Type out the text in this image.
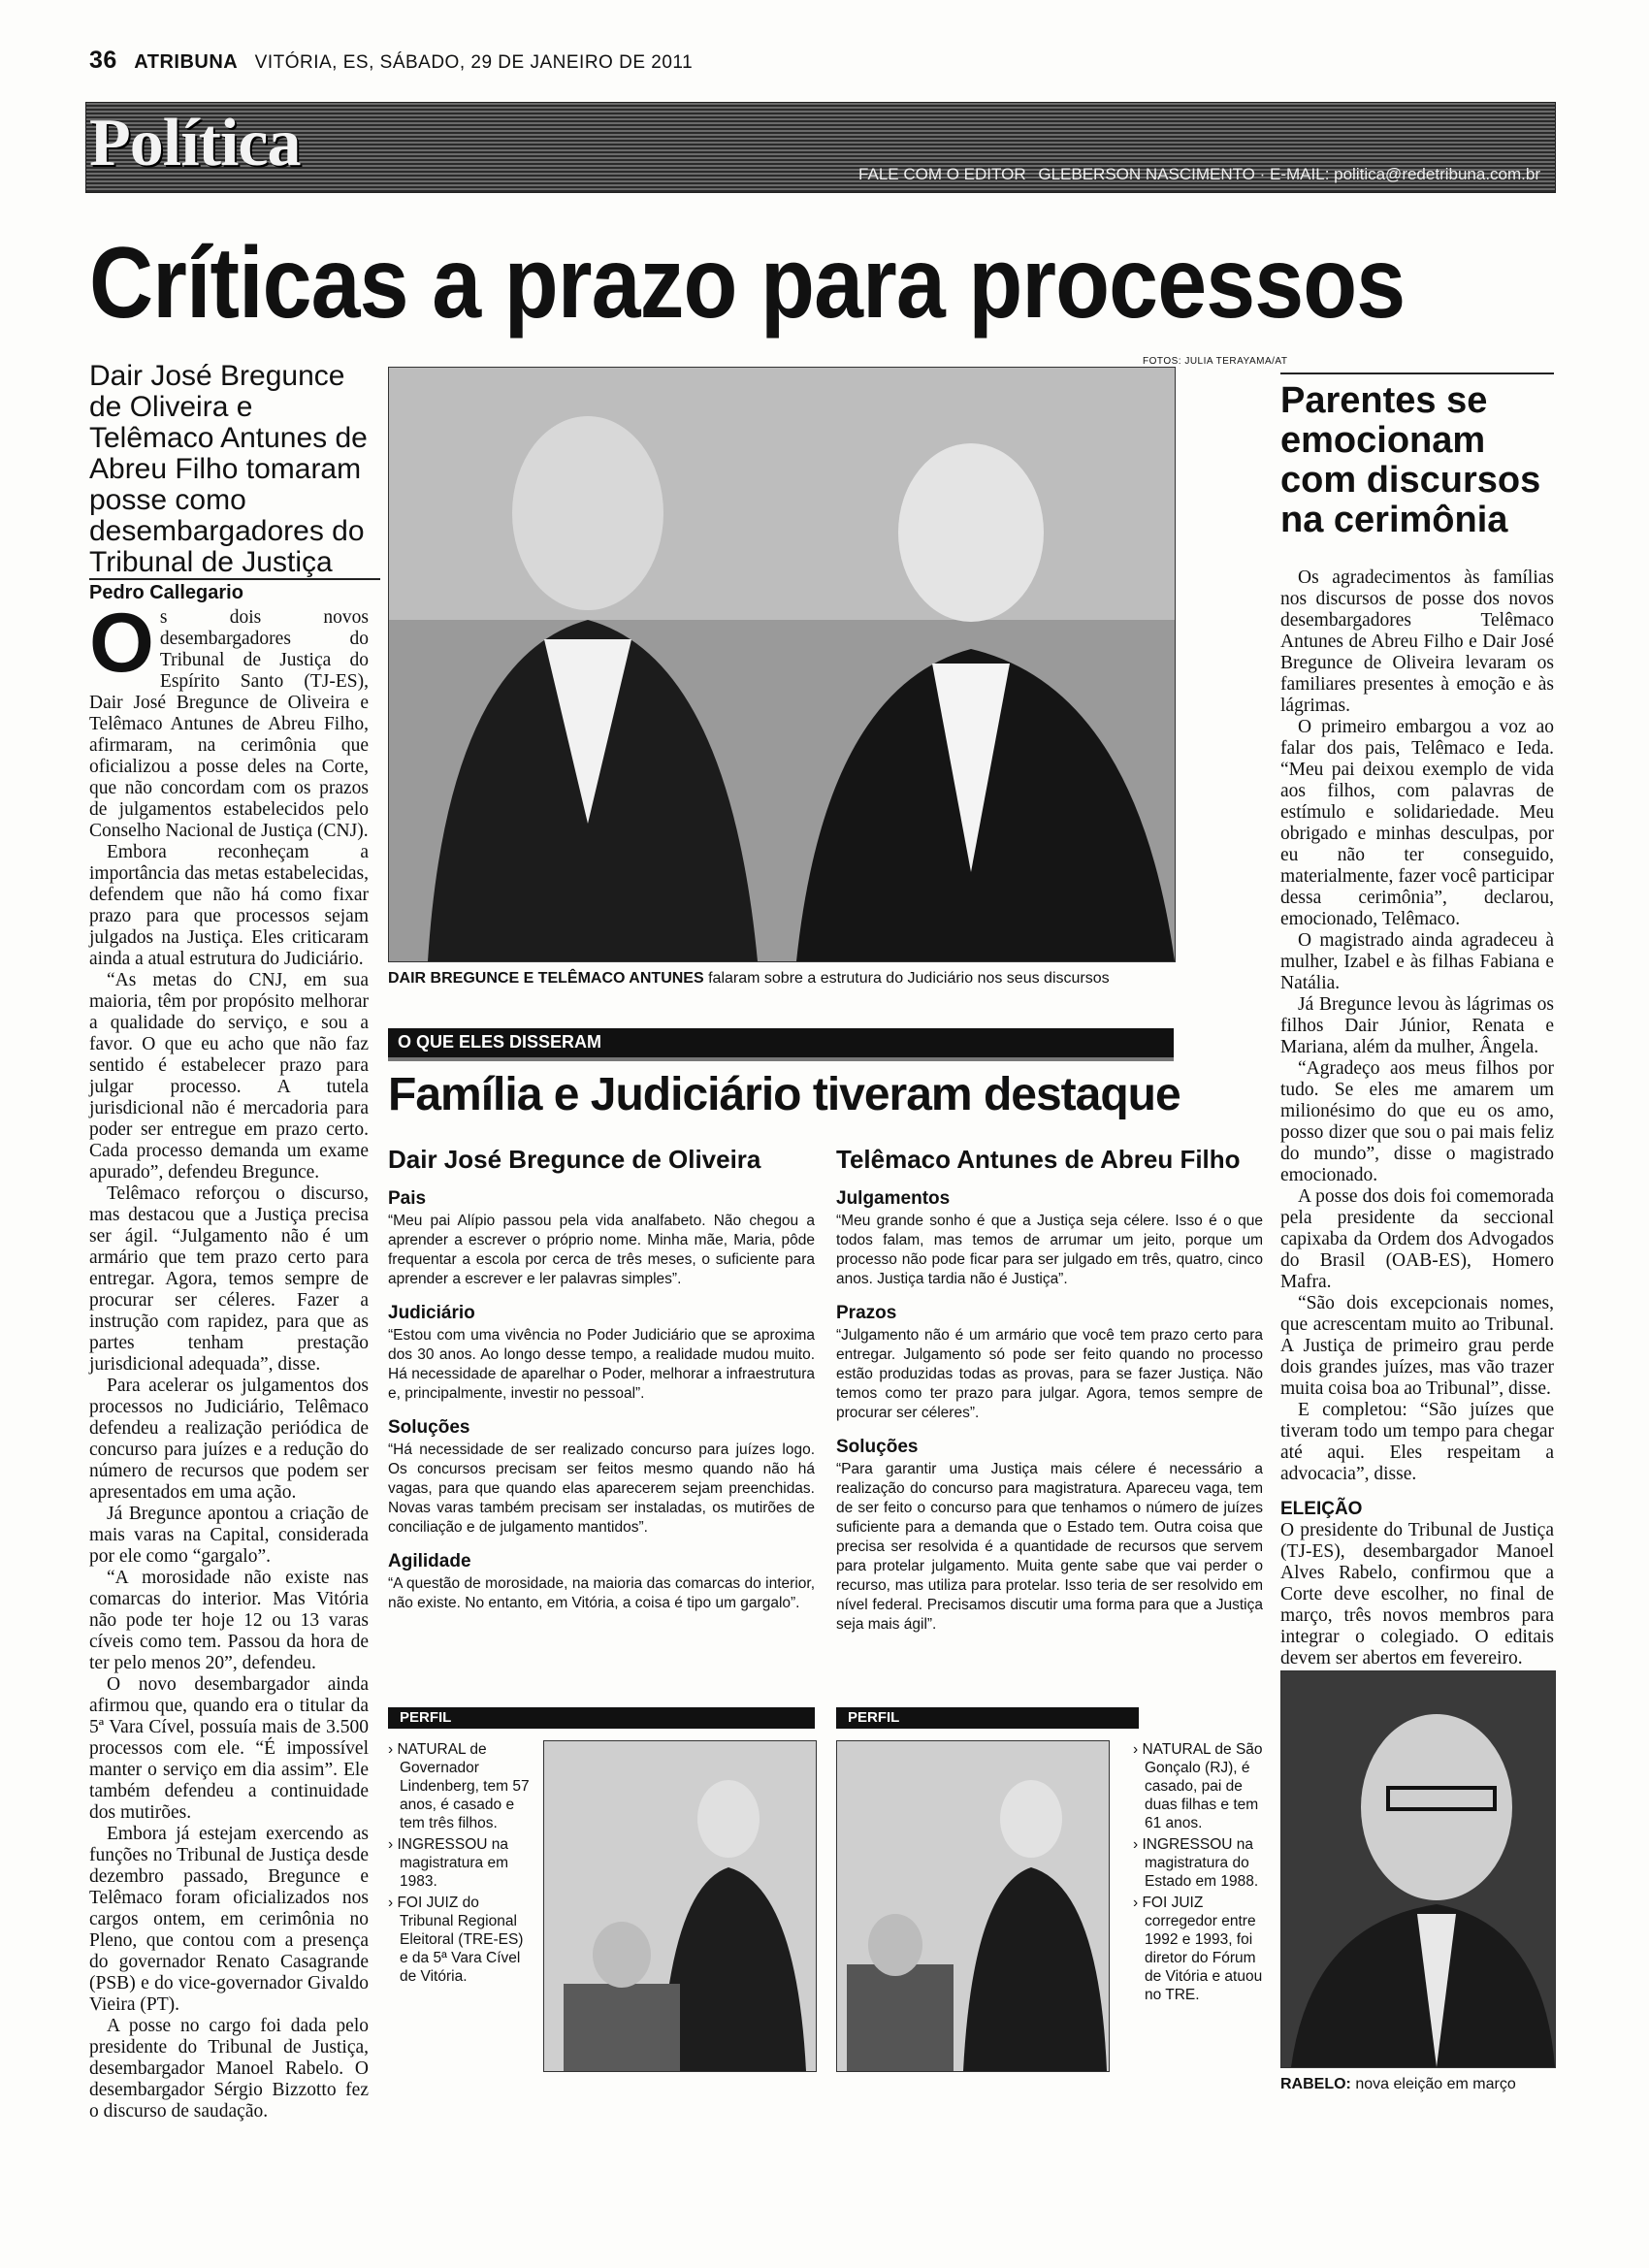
36 ATRIBUNA VITÓRIA, ES, SÁBADO, 29 DE JANEIRO DE 2011
Política	FALE COM O EDITOR GLEBERSON NASCIMENTO · E-MAIL: politica@redetribuna.com.br
Críticas a prazo para processos
FOTOS: JULIA TERAYAMA/AT
Dair José Bregunce de Oliveira e Telêmaco Antunes de Abreu Filho tomaram posse como desembargadores do Tribunal de Justiça
Pedro Callegario
O s dois novos desembargadores do Tribunal de Justiça do Espírito Santo (TJ-ES), Dair José Bregunce de Oliveira e Telêmaco Antunes de Abreu Filho, afirmaram, na cerimônia que oficializou a posse deles na Corte, que não concordam com os prazos de julgamentos estabelecidos pelo Conselho Nacional de Justiça (CNJ).

Embora reconheçam a importância das metas estabelecidas, defendem que não há como fixar prazo para que processos sejam julgados na Justiça. Eles criticaram ainda a atual estrutura do Judiciário.

“As metas do CNJ, em sua maioria, têm por propósito melhorar a qualidade do serviço, e sou a favor. O que eu acho que não faz sentido é estabelecer prazo para julgar processo. A tutela jurisdicional não é mercadoria para poder ser entregue em prazo certo. Cada processo demanda um exame apurado”, defendeu Bregunce.

Telêmaco reforçou o discurso, mas destacou que a Justiça precisa ser ágil. “Julgamento não é um armário que tem prazo certo para entregar. Agora, temos sempre de procurar ser céleres. Fazer a instrução com rapidez, para que as partes tenham prestação jurisdicional adequada”, disse.

Para acelerar os julgamentos dos processos no Judiciário, Telêmaco defendeu a realização periódica de concurso para juízes e a redução do número de recursos que podem ser apresentados em uma ação.

Já Bregunce apontou a criação de mais varas na Capital, considerada por ele como “gargalo”.

“A morosidade não existe nas comarcas do interior. Mas Vitória não pode ter hoje 12 ou 13 varas cíveis como tem. Passou da hora de ter pelo menos 20”, defendeu.

O novo desembargador ainda afirmou que, quando era o titular da 5ª Vara Cível, possuía mais de 3.500 processos com ele. “É impossível manter o serviço em dia assim”. Ele também defendeu a continuidade dos mutirões.

Embora já estejam exercendo as funções no Tribunal de Justiça desde dezembro passado, Bregunce e Telêmaco foram oficializados nos cargos ontem, em cerimônia no Pleno, que contou com a presença do governador Renato Casagrande (PSB) e do vice-governador Givaldo Vieira (PT).

A posse no cargo foi dada pelo presidente do Tribunal de Justiça, desembargador Manoel Rabelo. O desembargador Sérgio Bizzotto fez o discurso de saudação.

DAIR BREGUNCE E TELÊMACO ANTUNES falaram sobre a estrutura do Judiciário nos seus discursos
O QUE ELES DISSERAM
Família e Judiciário tiveram destaque
Dair José Bregunce de Oliveira
Pais

“Meu pai Alípio passou pela vida analfabeto. Não chegou a aprender a escrever o próprio nome. Minha mãe, Maria, pôde frequentar a escola por cerca de três meses, o suficiente para aprender a escrever e ler palavras simples”.

Judiciário

“Estou com uma vivência no Poder Judiciário que se aproxima dos 30 anos. Ao longo desse tempo, a realidade mudou muito. Há necessidade de aparelhar o Poder, melhorar a infraestrutura e, principalmente, investir no pessoal”.

Soluções

“Há necessidade de ser realizado concurso para juízes logo. Os concursos precisam ser feitos mesmo quando não há vagas, para que quando elas aparecerem sejam preenchidas. Novas varas também precisam ser instaladas, os mutirões de conciliação e de julgamento mantidos”.

Agilidade

“A questão de morosidade, na maioria das comarcas do interior, não existe. No entanto, em Vitória, a coisa é tipo um gargalo”.

Telêmaco Antunes de Abreu Filho
Julgamentos

“Meu grande sonho é que a Justiça seja célere. Isso é o que todos falam, mas temos de arrumar um jeito, porque um processo não pode ficar para ser julgado em três, quatro, cinco anos. Justiça tardia não é Justiça”.

Prazos

“Julgamento não é um armário que você tem prazo certo para entregar. Julgamento só pode ser feito quando no processo estão produzidas todas as provas, para se fazer Justiça. Não temos como ter prazo para julgar. Agora, temos sempre de procurar ser céleres”.

Soluções

“Para garantir uma Justiça mais célere é necessário a realização do concurso para magistratura. Apareceu vaga, tem de ser feito o concurso para que tenhamos o número de juízes suficiente para a demanda que o Estado tem. Outra coisa que precisa ser resolvida é a quantidade de recursos que servem para protelar julgamento. Muita gente sabe que vai perder o recurso, mas utiliza para protelar. Isso teria de ser resolvido em nível federal. Precisamos discutir uma forma para que a Justiça seja mais ágil”.

PERFIL
› NATURAL de Governador Lindenberg, tem 57 anos, é casado e tem três filhos.
› INGRESSOU na magistratura em 1983.
› FOI JUIZ do Tribunal Regional Eleitoral (TRE-ES) e da 5ª Vara Cível de Vitória.
PERFIL
› NATURAL de São Gonçalo (RJ), é casado, pai de duas filhas e tem 61 anos.
› INGRESSOU na magistratura do Estado em 1988.
› FOI JUIZ corregedor entre 1992 e 1993, foi diretor do Fórum de Vitória e atuou no TRE.
Parentes se emocionam com discursos na cerimônia

Os agradecimentos às famílias nos discursos de posse dos novos desembargadores Telêmaco Antunes de Abreu Filho e Dair José Bregunce de Oliveira levaram os familiares presentes à emoção e às lágrimas.

O primeiro embargou a voz ao falar dos pais, Telêmaco e Ieda. “Meu pai deixou exemplo de vida aos filhos, com palavras de estímulo e solidariedade. Meu obrigado e minhas desculpas, por eu não ter conseguido, materialmente, fazer você participar dessa cerimônia”, declarou, emocionado, Telêmaco.

O magistrado ainda agradeceu à mulher, Izabel e às filhas Fabiana e Natália.

Já Bregunce levou às lágrimas os filhos Dair Júnior, Renata e Mariana, além da mulher, Ângela.

“Agradeço aos meus filhos por tudo. Se eles me amarem um milionésimo do que eu os amo, posso dizer que sou o pai mais feliz do mundo”, disse o magistrado emocionado.

A posse dos dois foi comemorada pela presidente da seccional capixaba da Ordem dos Advogados do Brasil (OAB-ES), Homero Mafra.

“São dois excepcionais nomes, que acrescentam muito ao Tribunal. A Justiça de primeiro grau perde dois grandes juízes, mas vão trazer muita coisa boa ao Tribunal”, disse.

E completou: “São juízes que tiveram todo um tempo para chegar até aqui. Eles respeitam a advocacia”, disse.

ELEIÇÃO

O presidente do Tribunal de Justiça (TJ-ES), desembargador Manoel Alves Rabelo, confirmou que a Corte deve escolher, no final de março, três novos membros para integrar o colegiado. O editais devem ser abertos em fevereiro.

RABELO: nova eleição em março
